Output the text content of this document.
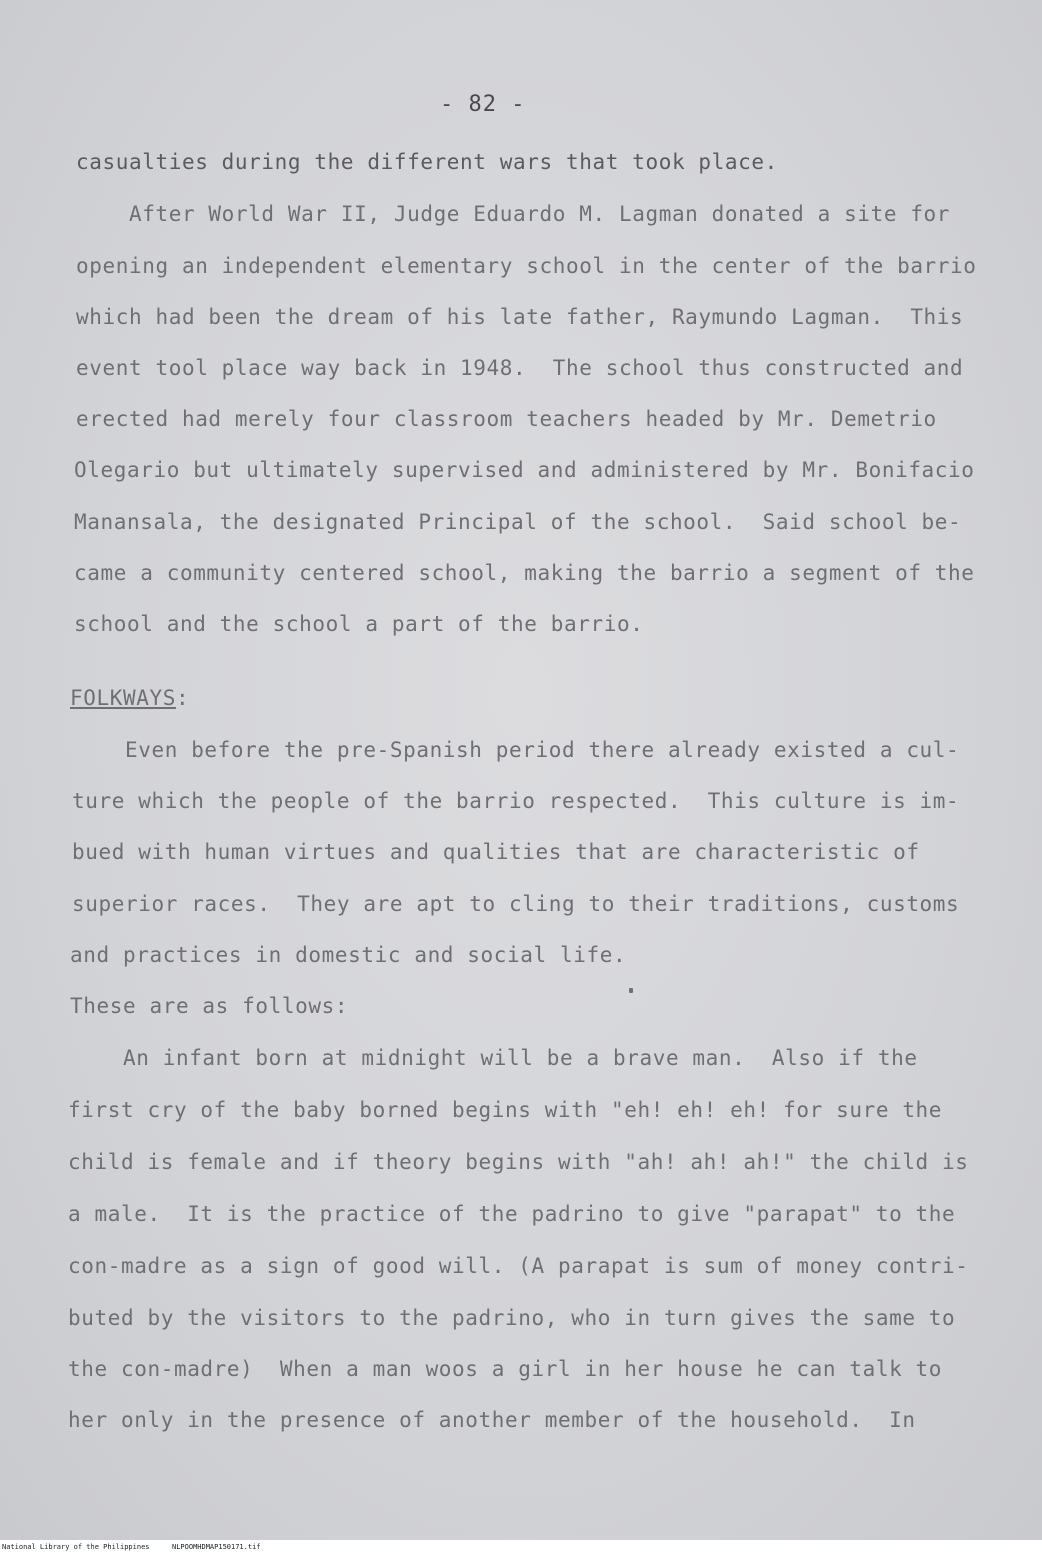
- 82 -
casualties during the different wars that took place.
After World War II, Judge Eduardo M. Lagman donated a site for
opening an independent elementary school in the center of the barrio
which had been the dream of his late father, Raymundo Lagman.  This
event tool place way back in 1948.  The school thus constructed and
erected had merely four classroom teachers headed by Mr. Demetrio
Olegario but ultimately supervised and administered by Mr. Bonifacio
Manansala, the designated Principal of the school.  Said school be-
came a community centered school, making the barrio a segment of the
school and the school a part of the barrio.
FOLKWAYS:
Even before the pre-Spanish period there already existed a cul-
ture which the people of the barrio respected.  This culture is im-
bued with human virtues and qualities that are characteristic of
superior races.  They are apt to cling to their traditions, customs
and practices in domestic and social life.
These are as follows:
An infant born at midnight will be a brave man.  Also if the
first cry of the baby borned begins with "eh! eh! eh! for sure the
child is female and if theory begins with "ah! ah! ah!" the child is
a male.  It is the practice of the padrino to give "parapat" to the
con-madre as a sign of good will. (A parapat is sum of money contri-
buted by the visitors to the padrino, who in turn gives the same to
the con-madre)  When a man woos a girl in her house he can talk to
her only in the presence of another member of the household.  In
National Library of the Philippines	NLPOOMHDMAP150171.tif
